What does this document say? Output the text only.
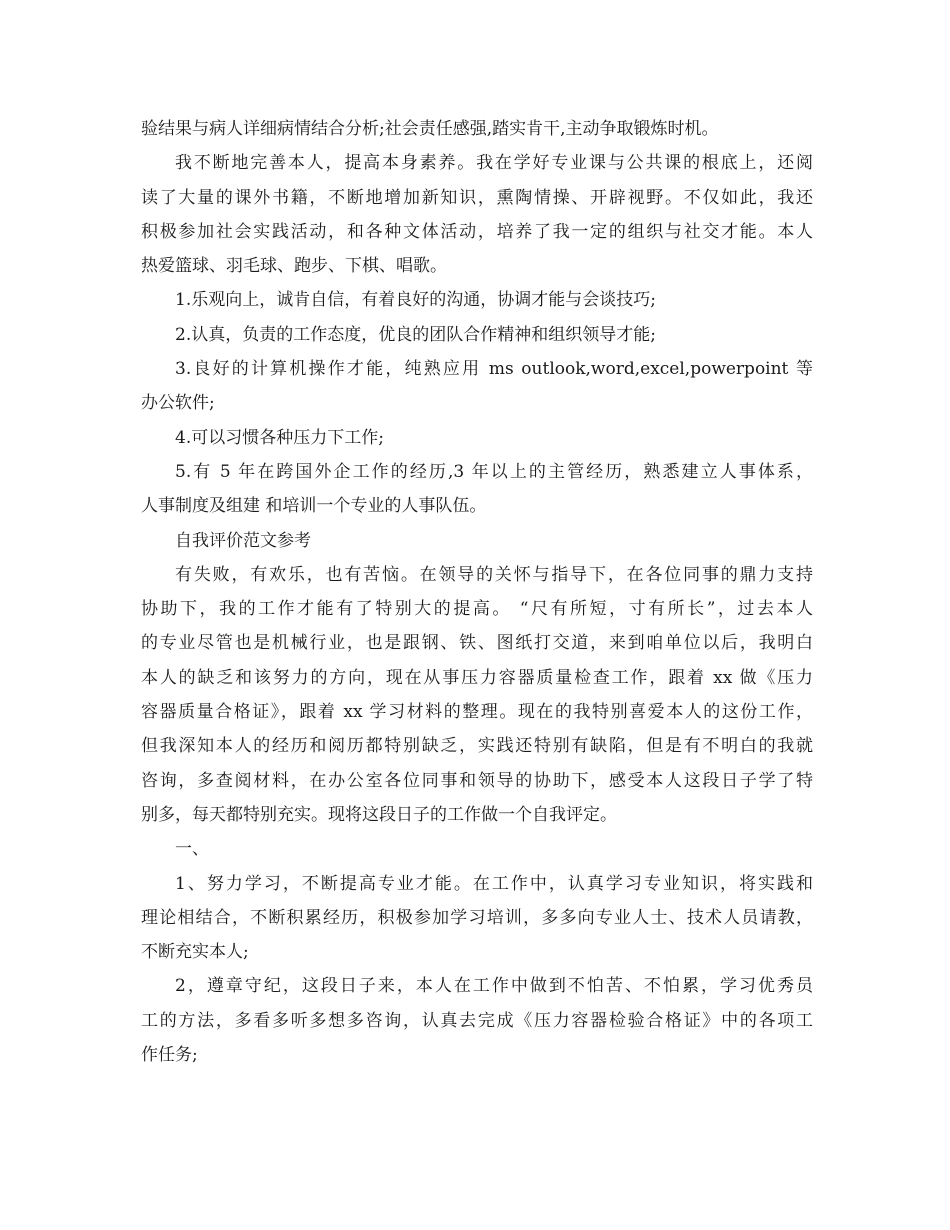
验结果与病人详细病情结合分析;社会责任感强,踏实肯干,主动争取锻炼时机。
我不断地完善本人，提高本身素养。我在学好专业课与公共课的根底上，还阅
读了大量的课外书籍，不断地增加新知识，熏陶情操、开辟视野。不仅如此，我还
积极参加社会实践活动，和各种文体活动，培养了我一定的组织与社交才能。本人
热爱篮球、羽毛球、跑步、下棋、唱歌。
1.乐观向上，诚肯自信，有着良好的沟通，协调才能与会谈技巧;
2.认真，负责的工作态度，优良的团队合作精神和组织领导才能;
3.良好的计算机操作才能，纯熟应用 ms outlook,word,excel,powerpoint 等
办公软件;
4.可以习惯各种压力下工作;
5.有 5 年在跨国外企工作的经历,3 年以上的主管经历，熟悉建立人事体系，
人事制度及组建 和培训一个专业的人事队伍。
自我评价范文参考
有失败，有欢乐，也有苦恼。在领导的关怀与指导下，在各位同事的鼎力支持
协助下，我的工作才能有了特别大的提高。 “尺有所短，寸有所长”，过去本人
的专业尽管也是机械行业，也是跟钢、铁、图纸打交道，来到咱单位以后，我明白
本人的缺乏和该努力的方向，现在从事压力容器质量检查工作，跟着 xx 做《压力
容器质量合格证》，跟着 xx 学习材料的整理。现在的我特别喜爱本人的这份工作，
但我深知本人的经历和阅历都特别缺乏，实践还特别有缺陷，但是有不明白的我就
咨询，多查阅材料，在办公室各位同事和领导的协助下，感受本人这段日子学了特
别多，每天都特别充实。现将这段日子的工作做一个自我评定。
一、
1、努力学习，不断提高专业才能。在工作中，认真学习专业知识，将实践和
理论相结合，不断积累经历，积极参加学习培训，多多向专业人士、技术人员请教，
不断充实本人;
2，遵章守纪，这段日子来，本人在工作中做到不怕苦、不怕累，学习优秀员
工的方法，多看多听多想多咨询，认真去完成《压力容器检验合格证》中的各项工
作任务;
